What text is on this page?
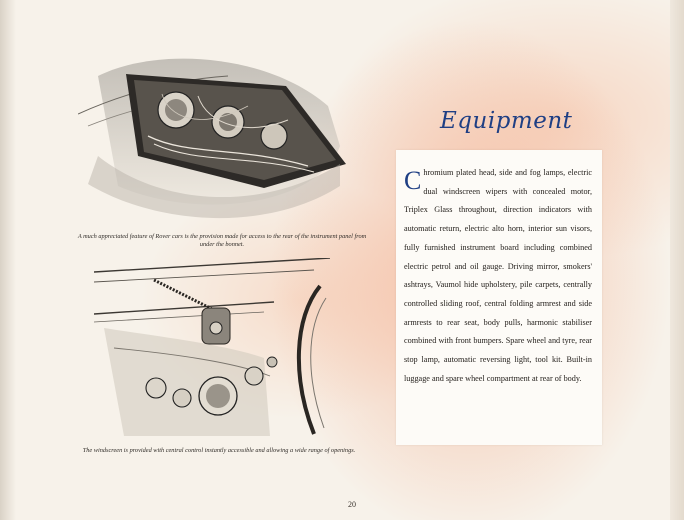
A much appreciated feature of Rover cars is the provision made for access to the rear of the instrument panel from under the bonnet.
The windscreen is provided with central control instantly accessible and allowing a wide range of openings.
Equipment

Chromium plated head, side and fog lamps, electric dual windscreen wipers with concealed motor, Triplex Glass throughout, direction indicators with automatic return, electric alto horn, interior sun visors, fully furnished instrument board including combined electric petrol and oil gauge. Driving mirror, smokers' ashtrays, Vaumol hide upholstery, pile carpets, centrally controlled sliding roof, central folding armrest and side armrests to rear seat, body pulls, harmonic stabiliser combined with front bumpers. Spare wheel and tyre, rear stop lamp, automatic reversing light, tool kit. Built-in luggage and spare wheel compartment at rear of body.

20
